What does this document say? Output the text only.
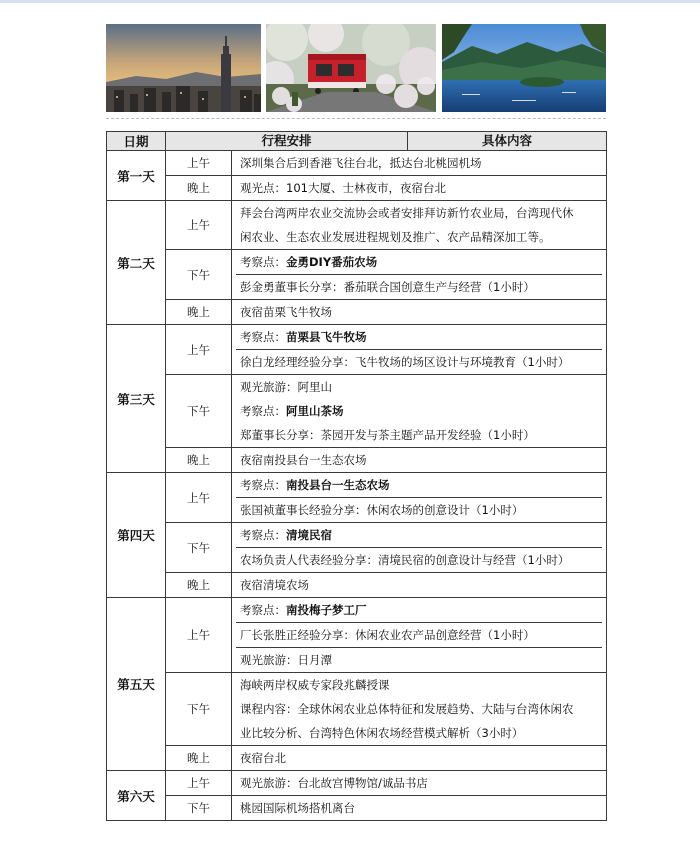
日期	行程安排 具体内容	

第一天	上午	深圳集合后到香港飞往台北，抵达台北桃园机场

	晚上	观光点：101大厦、士林夜市，夜宿台北

第二天	上午	拜会台湾两岸农业交流协会或者安排拜访新竹农业局，台湾现代休
闲农业、生态农业发展进程规划及推广、农产品精深加工等。

	下午	考察点：金勇DIY番茄农场
彭金勇董事长分享：番茄联合国创意生产与经营（1小时）

	晚上	夜宿苗栗飞牛牧场

第三天	上午	考察点：苗栗县飞牛牧场
徐白龙经理经验分享：飞牛牧场的场区设计与环境教育（1小时）

	下午	观光旅游：阿里山
考察点：阿里山茶场
郑董事长分享：茶园开发与茶主题产品开发经验（1小时）

	晚上	夜宿南投县台一生态农场

第四天	上午	考察点：南投县台一生态农场
张国祯董事长经验分享：休闲农场的创意设计（1小时）

	下午	考察点：清境民宿
农场负责人代表经验分享：清境民宿的创意设计与经营（1小时）

	晚上	夜宿清境农场

第五天	上午	考察点：南投梅子梦工厂
厂长张胜正经验分享：休闲农业农产品创意经营（1小时）
观光旅游：日月潭

	下午	海峡两岸权威专家段兆麟授课
课程内容：全球休闲农业总体特征和发展趋势、大陆与台湾休闲农
业比较分析、台湾特色休闲农场经营模式解析（3小时）

	晚上	夜宿台北

第六天	上午	观光旅游：台北故宫博物馆/诚品书店

	下午	桃园国际机场搭机离台
